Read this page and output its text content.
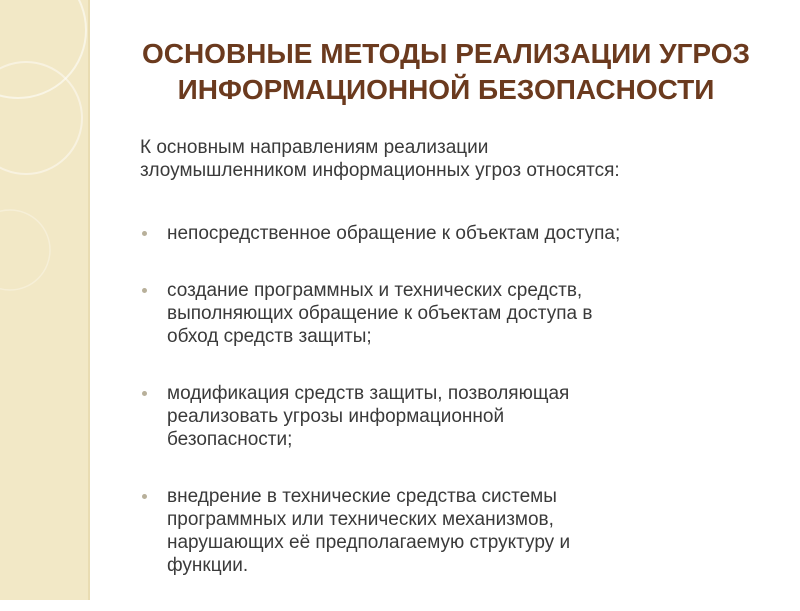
ОСНОВНЫЕ МЕТОДЫ РЕАЛИЗАЦИИ УГРОЗ
ИНФОРМАЦИОННОЙ БЕЗОПАСНОСТИ

К основным направлениям реализации
злоумышленником информационных угроз относятся:

непосредственное обращение к объектам доступа;
создание программных и технических средств,
выполняющих обращение к объектам доступа в
обход средств защиты;
модификация средств защиты, позволяющая
реализовать угрозы информационной
безопасности;
внедрение в технические средства системы
программных или технических механизмов,
нарушающих её предполагаемую структуру и
функции.
